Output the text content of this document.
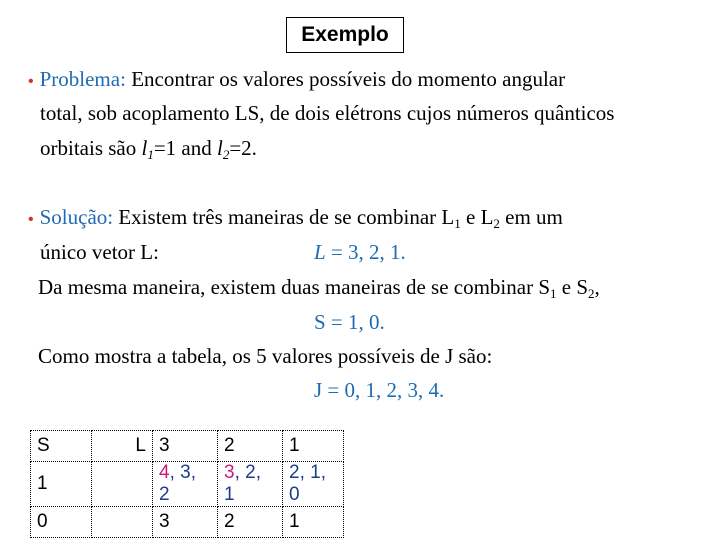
Exemplo
• Problema: Encontrar os valores possíveis do momento angular
total, sob acoplamento LS, de dois elétrons cujos números quânticos
orbitais são $l_1=1$ and $l_2=2$.
• Solução: Existem três maneiras de se combinar $L_1$ e $L_2$ em um
único vetor L:	L = 3, 2, 1.
Da mesma maneira, existem duas maneiras de se combinar $S_1$ e $S_2$,
S = 1, 0.
Como mostra a tabela, os 5 valores possíveis de J são:
J = 0, 1, 2, 3, 4.
S	L	3	2	1
1		4, 3, 2	3, 2, 1	2, 1, 0
0		3	2	1
